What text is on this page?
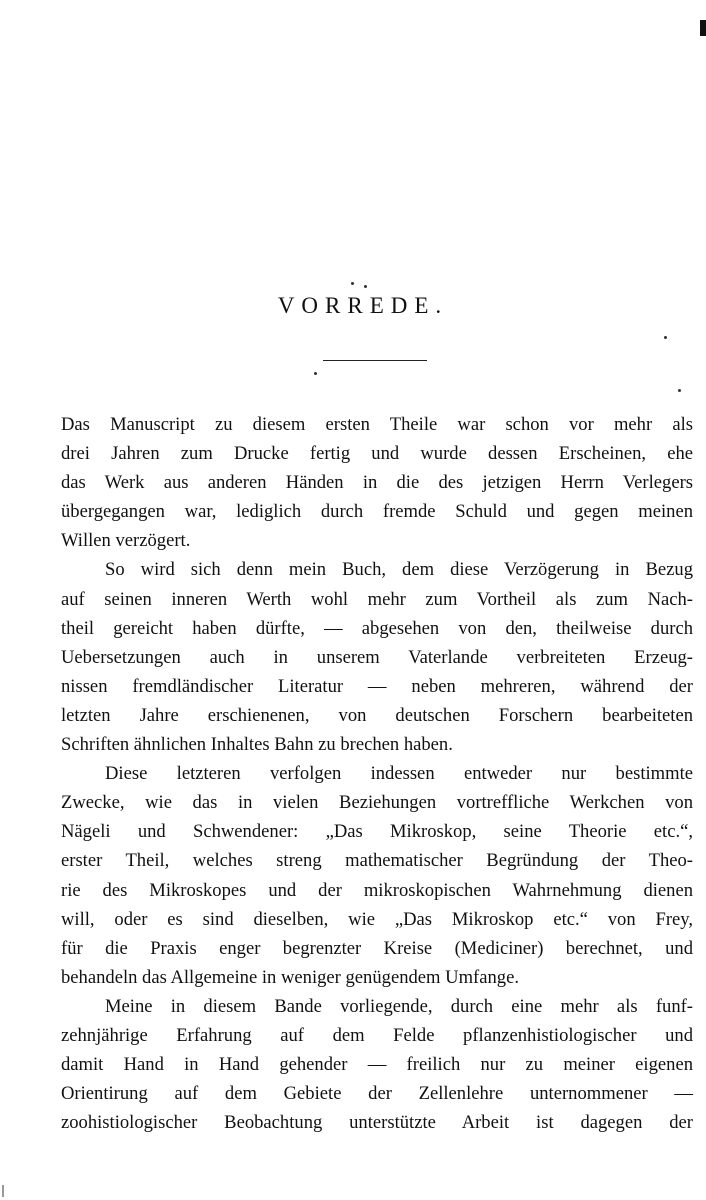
VORREDE.

Das Manuscript zu diesem ersten Theile war schon vor mehr als
drei Jahren zum Drucke fertig und wurde dessen Erscheinen, ehe
das Werk aus anderen Händen in die des jetzigen Herrn Verlegers
übergegangen war, lediglich durch fremde Schuld und gegen meinen
Willen verzögert.

So wird sich denn mein Buch, dem diese Verzögerung in Bezug
auf seinen inneren Werth wohl mehr zum Vortheil als zum Nach-
theil gereicht haben dürfte, — abgesehen von den, theilweise durch
Uebersetzungen auch in unserem Vaterlande verbreiteten Erzeug-
nissen fremdländischer Literatur — neben mehreren, während der
letzten Jahre erschienenen, von deutschen Forschern bearbeiteten
Schriften ähnlichen Inhaltes Bahn zu brechen haben.

Diese letzteren verfolgen indessen entweder nur bestimmte
Zwecke, wie das in vielen Beziehungen vortreffliche Werkchen von
Nägeli und Schwendener: „Das Mikroskop, seine Theorie etc.“,
erster Theil, welches streng mathematischer Begründung der Theo-
rie des Mikroskopes und der mikroskopischen Wahrnehmung dienen
will, oder es sind dieselben, wie „Das Mikroskop etc.“ von Frey,
für die Praxis enger begrenzter Kreise (Mediciner) berechnet, und
behandeln das Allgemeine in weniger genügendem Umfange.

Meine in diesem Bande vorliegende, durch eine mehr als funf-
zehnjährige Erfahrung auf dem Felde pflanzenhistiologischer und
damit Hand in Hand gehender — freilich nur zu meiner eigenen
Orientirung auf dem Gebiete der Zellenlehre unternommener —
zoohistiologischer Beobachtung unterstützte Arbeit ist dagegen der
